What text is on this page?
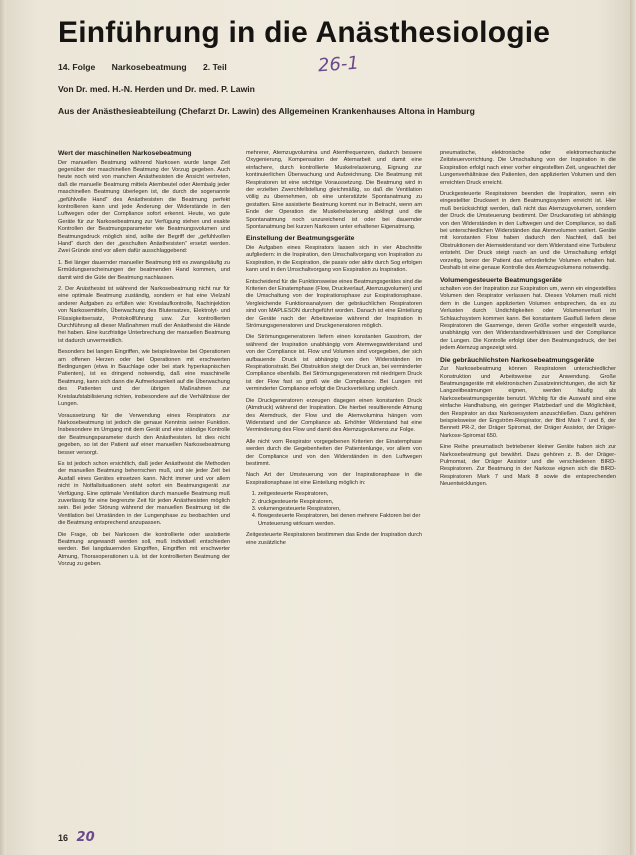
Einführung in die Anästhesiologie
14. Folge Narkosebeatmung 2. Teil	26-1
Von Dr. med. H.-N. Herden und Dr. med. P. Lawin
Aus der Anästhesieabteilung (Chefarzt Dr. Lawin) des Allgemeinen Krankenhauses Altona in Hamburg
Wert der maschinellen Narkosebeatmung

Der manuellen Beatmung während Narkosen wurde lange Zeit gegenüber der maschinellen Beatmung der Vorzug gegeben. Auch heute noch wird von manchen Anästhesisten die Ansicht vertreten, daß die manuelle Beatmung mittels Atembeutel oder Atembalg jeder maschinellen Beatmung überlegen ist, die durch die sogenannte „gefühlvolle Hand“ des Anästhesisten die Beatmung perfekt kontrollieren kann und jede Änderung der Widerstände in den Luftwegen oder der Compliance sofort erkennt. Heute, wo gute Geräte für zur Narkosebeatmung zur Verfügung stehen und exakte Kontrollen der Beatmungsparameter wie Beatmungsvolumen und Beatmungsdruck möglich sind, sollte der Begriff der „gefühlvollen Hand“ durch den der „geschulten Anästhesisten“ ersetzt werden. Zwei Gründe sind vor allem dafür ausschlaggebend:

1. Bei länger dauernder manueller Beatmung tritt es zwangsläufig zu Ermüdungserscheinungen der beatmenden Hand kommen, und damit wird die Güte der Beatmung nachlassen.

2. Der Anästhesist ist während der Narkosebeatmung nicht nur für eine optimale Beatmung zuständig, sondern er hat eine Vielzahl anderer Aufgaben zu erfüllen wie: Kreislaufkontrolle, Nachinjektion von Narkosemitteln, Überwachung des Blutersatzes, Elektrolyt- und Flüssigkeitsersatz, Protokollführung usw. Zur kontrollierten Durchführung all dieser Maßnahmen muß der Anästhesist die Hände frei haben. Eine kurzfristige Unterbrechung der manuellen Beatmung ist dadurch unvermeidlich.

Besonders bei langen Eingriffen, wie beispielsweise bei Operationen am offenen Herzen oder bei Operationen mit erschwerten Bedingungen (etwa in Bauchlage oder bei stark hyperkapnischen Patienten), ist es dringend notwendig, daß eine maschinelle Beatmung, kann sich dann die Aufmerksamkeit auf die Überwachung des Patienten und der übrigen Maßnahmen zur Kreislaufstabilisierung richten, insbesondere auf die Verhältnisse der Lungen.

Voraussetzung für die Verwendung eines Respirators zur Narkosebeatmung ist jedoch die genaue Kenntnis seiner Funktion. Insbesondere im Umgang mit dem Gerät und eine ständige Kontrolle der Beatmungsparameter durch den Anästhesisten. Ist dies nicht gegeben, so ist der Patient auf einer manuellen Narkosebeatmung besser versorgt.

Es ist jedoch schon ersichtlich, daß jeder Anästhesist die Methoden der manuellen Beatmung beherrschen muß, und sie jeder Zeit bei Ausfall eines Gerätes einsetzen kann. Nicht immer und vor allem nicht in Notfallsituationen steht sofort ein Beatmungsgerät zur Verfügung. Eine optimale Ventilation durch manuelle Beatmung muß zuverlässig für eine begrenzte Zeit für jeden Anästhesisten möglich sein. Bei jeder Störung während der manuellen Beatmung ist die Ventilation bei Umständen in der Lungenphase zu beobachten und die Beatmung entsprechend anzupassen.

Die Frage, ob bei Narkosen die kontrollierte oder assistierte Beatmung angewandt werden soll, muß individuell entschieden werden. Bei langdauernden Eingriffen, Eingriffen mit erschwerter Atmung, Thoraxoperationen u.ä. ist der kontrollierten Beatmung der Vorzug zu geben.

mehrerer, Atemzugvolumina und Atemfrequenzen, dadurch bessere Oxygenierung, Kompensation der Atemarbeit und damit eine einfachere, durch kontrollierte Muskelrelaxierung, Eignung zur kontinuierlichen Überwachung und Aufzeichnung. Die Beatmung mit Respiratoren ist eine wichtige Voraussetzung. Die Beatmung wird in der erzielten Zwerchfellstellung gleichmäßig, so daß die Ventilation völlig zu übernehmen, ob eine unterstützte Spontanatmung zu gestatten. Eine assistierte Beatmung kommt nur in Betracht, wenn am Ende der Operation die Muskelrelaxierung abklingt und die Spontanatmung noch unzureichend ist oder bei dauernder Spontanatmung bei kurzen Narkosen unter erhaltener Eigenatmung.

Einstellung der Beatmungsgeräte

Die Aufgaben eines Respirators lassen sich in vier Abschnitte aufgliedern: in die Inspiration, den Umschaltvorgang von Inspiration zu Exspiration, in die Exspiration, die passiv oder aktiv durch Sog erfolgen kann und in den Umschaltvorgang von Exspiration zu Inspiration.

Entscheidend für die Funktionsweise eines Beatmungsgerätes sind die Kriterien der Einatemphase (Flow, Druckverlauf, Atemzugvolumen) und die Umschaltung von der Inspirationsphase zur Exspirationsphase. Vergleichende Funktionsanalysen der gebräuchlichen Respiratoren sind von MAPLESON durchgeführt worden. Danach ist eine Einteilung der Geräte nach der Arbeitsweise während der Inspiration in Strömungsgeneratoren und Druckgeneratoren möglich.

Die Strömungsgeneratoren liefern einen konstanten Gasstrom, der während der Inspiration unabhängig vom Atemwegswiderstand und von der Compliance ist. Flow und Volumen sind vorgegeben, der sich aufbauende Druck ist abhängig von den Widerständen im Respirationstrakt. Bei Obstruktion steigt der Druck an, bei verminderter Compliance ebenfalls. Bei Strömungsgeneratoren mit niedrigem Druck ist der Flow fast so groß wie die Compliance. Bei Lungen mit verminderter Compliance erfolgt die Druckverteilung ungleich.

Die Druckgeneratoren erzeugen dagegen einen konstanten Druck (Atmdruck) während der Inspiration. Die hierbei resultierende Atmung des Atemdruck, der Flow und die Atemvolumina hängen vom Widerstand und der Compliance ab. Erhöhter Widerstand hat eine Verminderung des Flow und damit des Atemzugvolumens zur Folge.

Alle nicht vom Respirator vorgegebenen Kriterien der Einatemphase werden durch die Gegebenheiten der Patientenlunge, vor allem von der Compliance und von den Widerständen in den Luftwegen bestimmt.

Nach Art der Umsteuerung von der Inspirationsphase in die Exspirationsphase ist eine Einteilung möglich in:

1. zeitgesteuerte Respiratoren,
2. druckgesteuerte Respiratoren,
3. volumengesteuerte Respiratoren,
4. flowgesteuerte Respiratoren, bei denen mehrere Faktoren bei der Umsteuerung wirksam werden.

Zeitgesteuerte Respiratoren bestimmen das Ende der Inspiration durch eine zusätzliche

pneumatische, elektronische oder elektromechanische Zeitsteuervorrichtung. Die Umschaltung von der Inspiration in die Exspiration erfolgt nach einer vorher eingestellten Zeit, ungeachtet der Lungenverhältnisse des Patienten, den applizierten Volumen und den erreichten Druck erreicht.

Druckgesteuerte Respiratoren beenden die Inspiration, wenn ein eingestellter Druckwert in dem Beatmungssystem erreicht ist. Hier muß berücksichtigt werden, daß nicht das Atemzugvolumen, sondern der Druck die Umsteuerung bestimmt. Der Druckanstieg ist abhängig von den Widerständen in den Luftwegen und der Compliance, so daß bei unterschiedlichen Widerständen das Atemvolumen variiert. Geräte mit konstanten Flow haben dadurch den Nachteil, daß bei Obstruktionen der Atemwiderstand vor dem Widerstand eine Turbulenz entsteht. Der Druck steigt rasch an und die Umschaltung erfolgt vorzeitig, bevor der Patient das erforderliche Volumen erhalten hat. Deshalb ist eine genaue Kontrolle des Atemzugvolumens notwendig.

Volumengesteuerte Beatmungsgeräte

schalten von der Inspiration zur Exspiration um, wenn ein eingestelltes Volumen den Respirator verlassen hat. Dieses Volumen muß nicht dem in die Lungen applizierten Volumen entsprechen, da es zu Verlusten durch Undichtigkeiten oder Volumenverlust im Schlauchsystem kommen kann. Bei konstantem Gasfluß liefern diese Respiratoren die Gasmenge, deren Größe vorher eingestellt wurde, unabhängig von den Widerstandsverhältnissen und der Compliance der Lungen. Die Kontrolle erfolgt über den Beatmungsdruck, der bei jedem Atemzug angezeigt wird.

Die gebräuchlichsten Narkosebeatmungsgeräte

Zur Narkosebeatmung können Respiratoren unterschiedlicher Konstruktion und Arbeitsweise zur Anwendung. Große Beatmungsgeräte mit elektronischen Zusatzeinrichtungen, die sich für Langzeitbeatmungen eignen, werden häufig als Narkosebeatmungsgeräte benutzt. Wichtig für die Auswahl sind eine einfache Handhabung, ein geringer Platzbedarf und die Möglichkeit, den Respirator an das Narkosesystem anzuschließen. Dazu gehören beispielsweise der Engström-Respirator, der Bird Mark 7 und 8, der Bennett PR-2, der Dräger Spiromat, der Dräger Assistor, der Dräger-Narkose-Spiromat 650.

Eine Reihe pneumatisch betriebener kleiner Geräte haben sich zur Narkosebeatmung gut bewährt. Dazu gehören z. B. der Dräger-Pulmomat, der Dräger Assistor und die verschiedenen BIRD-Respiratoren. Zur Beatmung in der Narkose eignen sich die BIRD-Respiratoren Mark 7 und Mark 8 sowie die entsprechenden Neuentwicklungen.

16 20
